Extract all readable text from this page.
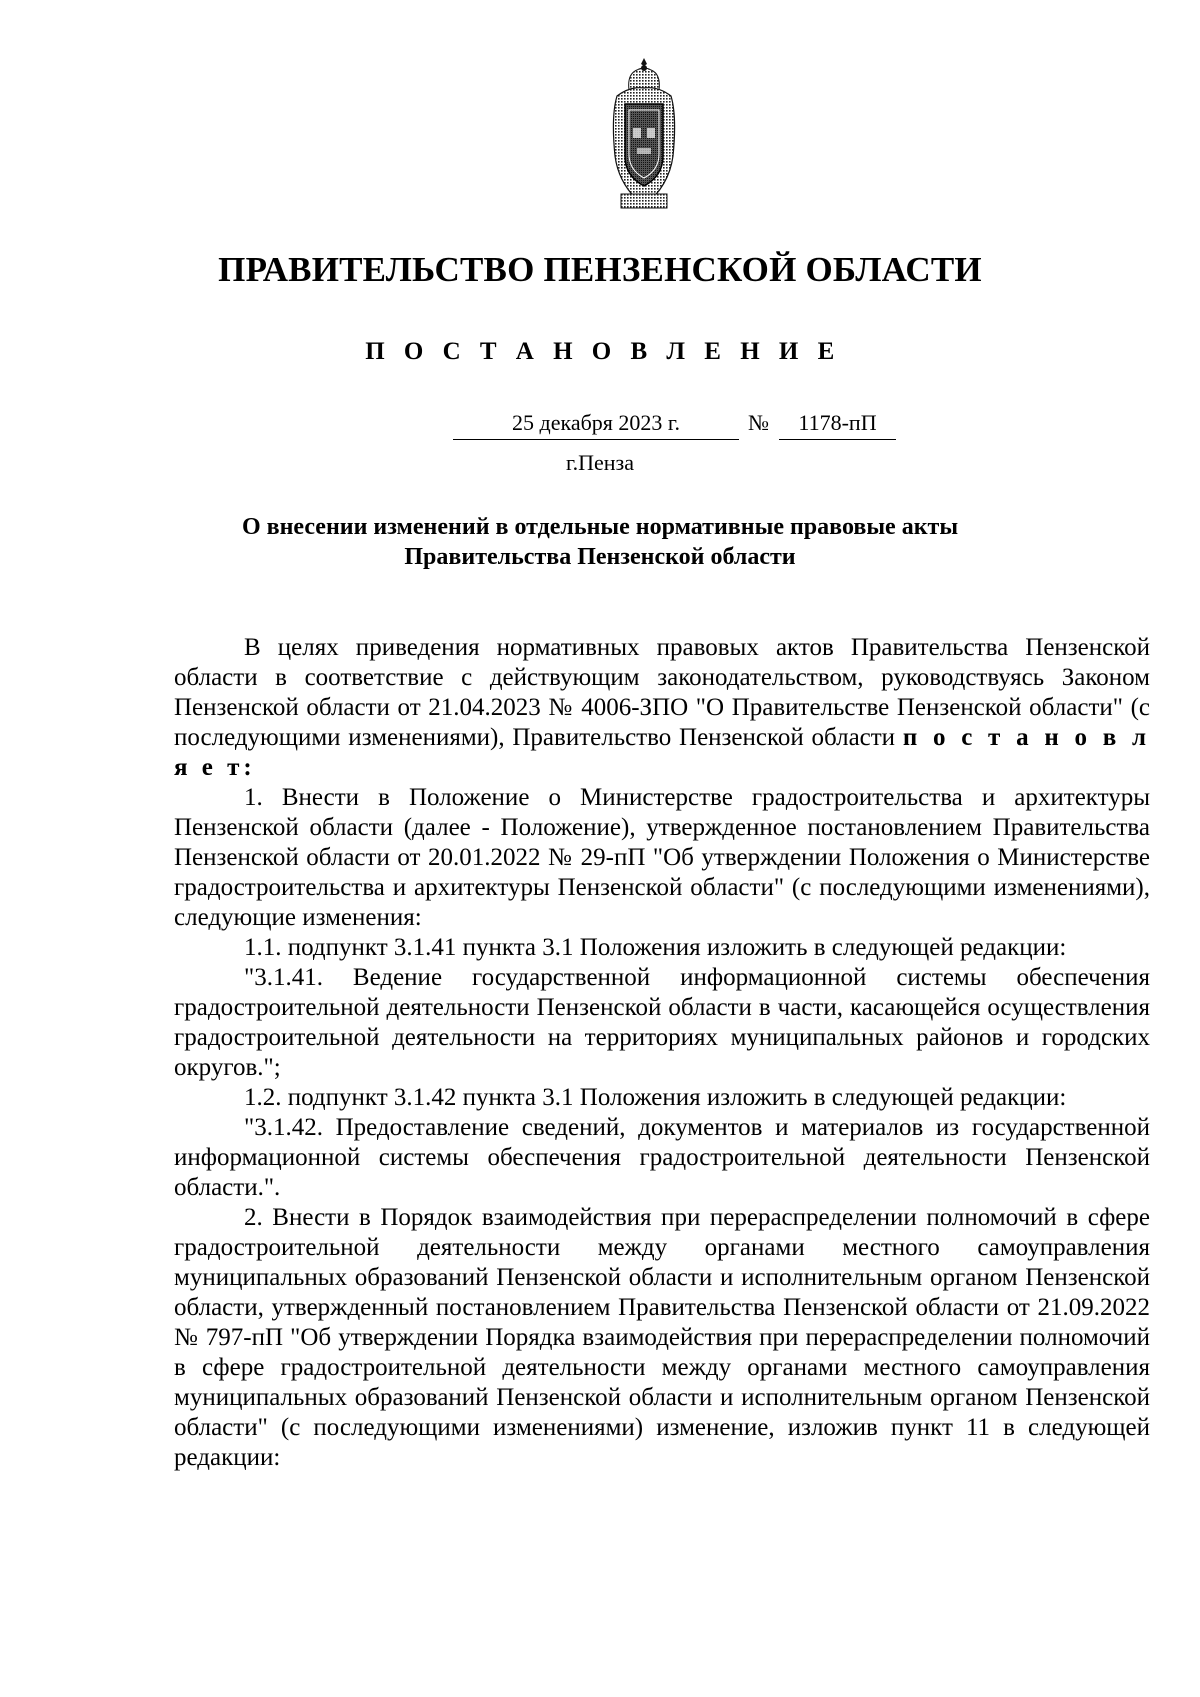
ПРАВИТЕЛЬСТВО ПЕНЗЕНСКОЙ ОБЛАСТИ
П О С Т А Н О В Л Е Н И Е
25 декабря 2023 г.	№	1178-пП
г.Пенза
О внесении изменений в отдельные нормативные правовые акты
Правительства Пензенской области

В целях приведения нормативных правовых актов Правительства Пензенской области в соответствие с действующим законодательством, руководствуясь Законом Пензенской области от 21.04.2023 № 4006-ЗПО "О Правительстве Пензенской области" (с последующими изменениями), Правительство Пензенской области п о с т а н о в л я е т:

1. Внести в Положение о Министерстве градостроительства и архитектуры Пензенской области (далее - Положение), утвержденное постановлением Правительства Пензенской области от 20.01.2022 № 29-пП "Об утверждении Положения о Министерстве градостроительства и архитектуры Пензенской области" (с последующими изменениями), следующие изменения:

1.1. подпункт 3.1.41 пункта 3.1 Положения изложить в следующей редакции:

"3.1.41. Ведение государственной информационной системы обеспечения градостроительной деятельности Пензенской области в части, касающейся осуществления градостроительной деятельности на территориях муниципальных районов и городских округов.";

1.2. подпункт 3.1.42 пункта 3.1 Положения изложить в следующей редакции:

"3.1.42. Предоставление сведений, документов и материалов из государственной информационной системы обеспечения градостроительной деятельности Пензенской области.".

2. Внести в Порядок взаимодействия при перераспределении полномочий в сфере градостроительной деятельности между органами местного самоуправления муниципальных образований Пензенской области и исполнительным органом Пензенской области, утвержденный постановлением Правительства Пензенской области от 21.09.2022 № 797-пП "Об утверждении Порядка взаимодействия при перераспределении полномочий в сфере градостроительной деятельности между органами местного самоуправления муниципальных образований Пензенской области и исполнительным органом Пензенской области" (с последующими изменениями) изменение, изложив пункт 11 в следующей редакции:
